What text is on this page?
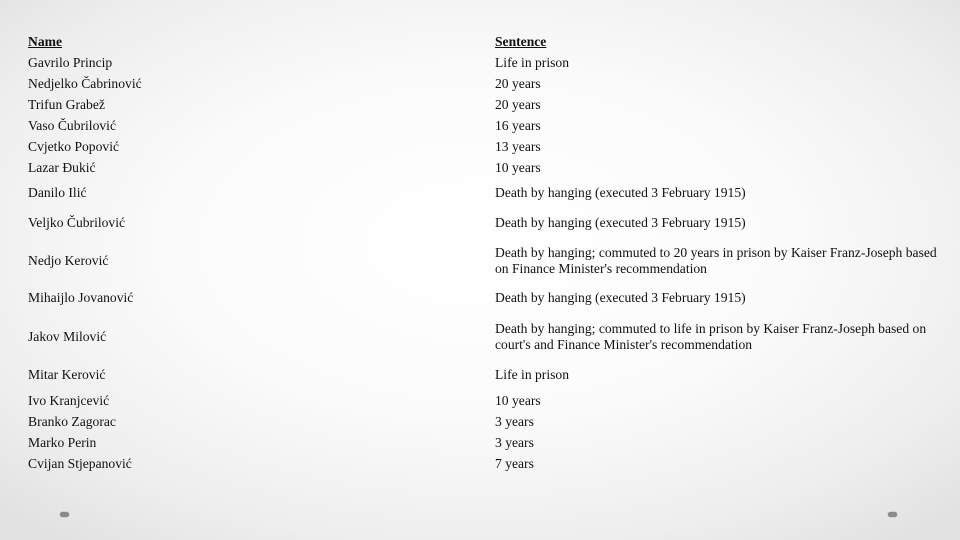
Name	Sentence
Gavrilo Princip	Life in prison
Nedjelko Čabrinović	20 years
Trifun Grabež	20 years
Vaso Čubrilović	16 years
Cvjetko Popović	13 years
Lazar Đukić	10 years
Danilo Ilić	Death by hanging (executed 3 February 1915)
Veljko Čubrilović	Death by hanging (executed 3 February 1915)
Nedjo Kerović	Death by hanging; commuted to 20 years in prison by Kaiser Franz-Joseph based on Finance Minister's recommendation
Mihaijlo Jovanović	Death by hanging (executed 3 February 1915)
Jakov Milović	Death by hanging; commuted to life in prison by Kaiser Franz-Joseph based on court's and Finance Minister's recommendation
Mitar Kerović	Life in prison
Ivo Kranjcević	10 years
Branko Zagorac	3 years
Marko Perin	3 years
Cvijan Stjepanović	7 years
